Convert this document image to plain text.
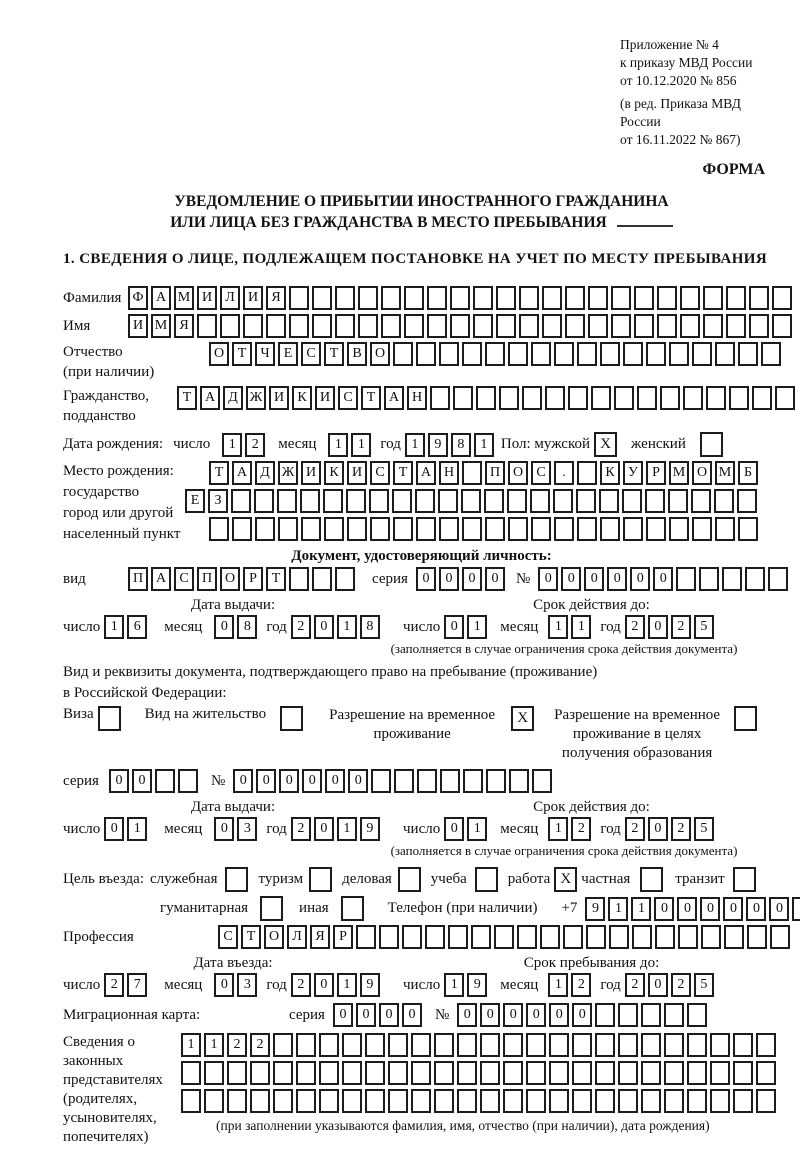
Приложение № 4
к приказу МВД России
от 10.12.2020 № 856
(в ред. Приказа МВД России
от 16.11.2022 № 867)
ФОРМА
УВЕДОМЛЕНИЕ О ПРИБЫТИИ ИНОСТРАННОГО ГРАЖДАНИНА
ИЛИ ЛИЦА БЕЗ ГРАЖДАНСТВА В МЕСТО ПРЕБЫВАНИЯ
1. СВЕДЕНИЯ О ЛИЦЕ, ПОДЛЕЖАЩЕМ ПОСТАНОВКЕ НА УЧЕТ ПО МЕСТУ ПРЕБЫВАНИЯ
Фамилия Ф А М И Л И Я
Имя	И М Я
Отчество
(при наличии)
О Т	Ч	Е	С	Т	В О
Гражданство,
подданство
Т А Д Ж И К И С	Т А Н
Дата рождения: число	1	2	месяц	1	1	год 1	9	8	1 Пол: мужской X	женский
Место рождения:
государство
город или другой
населенный пункт
Т А Д Ж И К И С	Т А Н	П О С	.	К У	Р М О М Б
Е	З
Документ, удостоверяющий личность:
вид	П А С П О	Р	Т	серия	0	0	0	0	№	0	0	0	0	0	0
Дата выдачи:
число 1	6	месяц	0	8	год 2	0	1	8
Срок действия до:
число 0	1	месяц	1	1	год 2	0	2	5
(заполняется в случае ограничения срока действия документа)
Вид и реквизиты документа, подтверждающего право на пребывание (проживание)
в Российской Федерации:
Виза	Вид на жительство	Разрешение на временное
проживание
X	Разрешение на временное
проживание в целях
получения образования
серия	0	0	№	0	0	0	0	0	0
Дата выдачи:
число 0	1	месяц	0	3	год 2	0	1	9
Срок действия до:
число 0	1	месяц	1	2	год 2	0	2	5
(заполняется в случае ограничения срока действия документа)
Цель въезда: служебная	туризм	деловая	учеба	работа X частная	транзит
гуманитарная	иная	Телефон (при наличии) +7	9	1	1	0	0	0	0	0	0
Профессия	С	Т О Л Я	Р
Дата въезда:
число 2	7	месяц	0	3	год 2	0	1	9
Срок пребывания до:
число 1	9	месяц	1	2	год 2	0	2	5
Миграционная карта:	серия	0	0	0	0	№	0	0	0	0	0	0
Сведения о
законных
представителях
(родителях,
усыновителях,
попечителях)
1	1	2	2
(при заполнении указываются фамилия, имя, отчество (при наличии), дата рождения)
